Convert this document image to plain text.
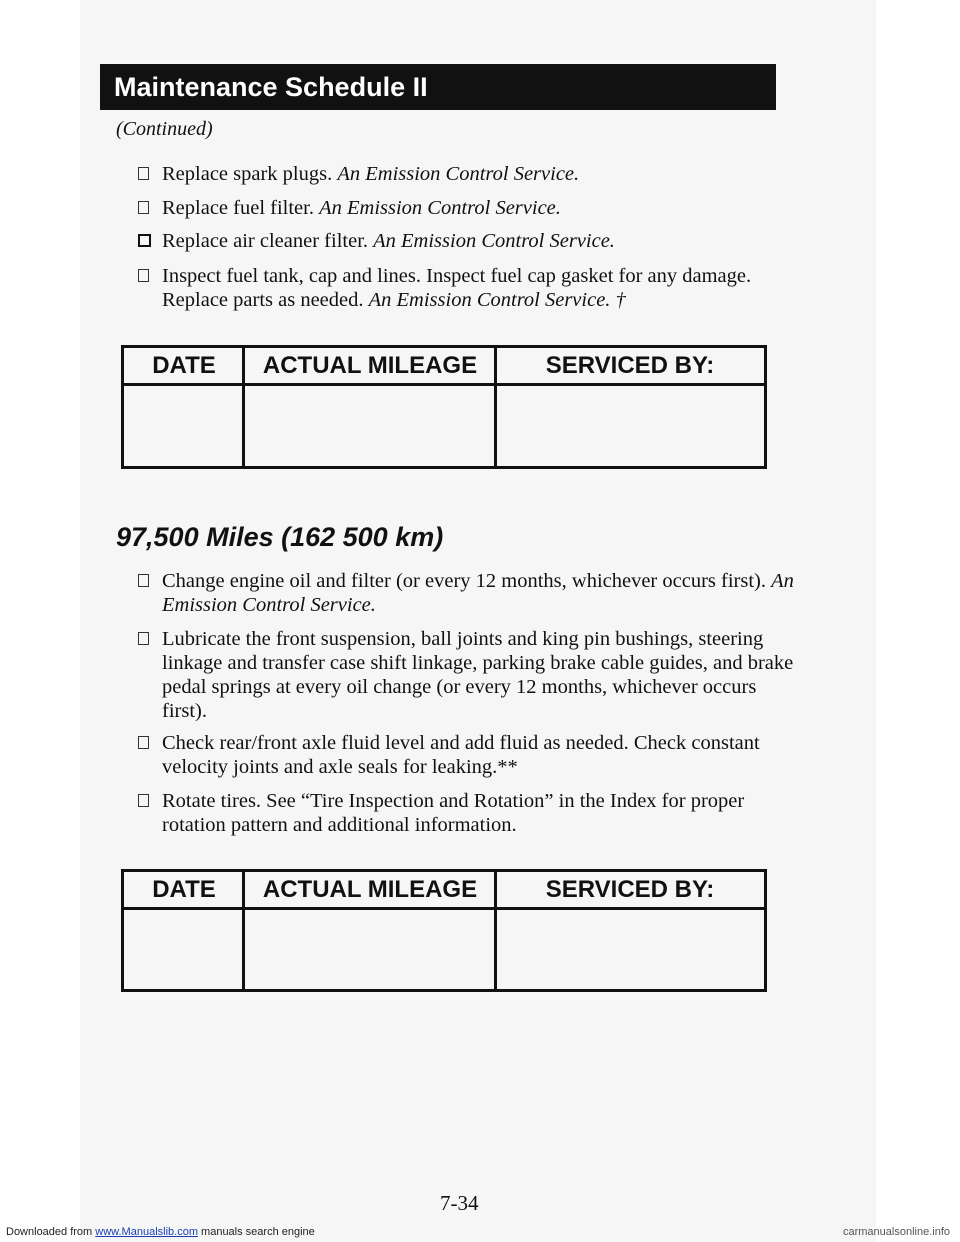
Maintenance Schedule II
(Continued)
Replace spark plugs. An Emission Control Service.
Replace fuel filter. An Emission Control Service.
Replace air cleaner filter. An Emission Control Service.
Inspect fuel tank, cap and lines. Inspect fuel cap gasket for any damage. Replace parts as needed. An Emission Control Service. †
DATE	ACTUAL MILEAGE	SERVICED BY:
97,500 Miles (162 500 km)
Change engine oil and filter (or every 12 months, whichever occurs first). An Emission Control Service.
Lubricate the front suspension, ball joints and king pin bushings, steering linkage and transfer case shift linkage, parking brake cable guides, and brake pedal springs at every oil change (or every 12 months, whichever occurs first).
Check rear/front axle fluid level and add fluid as needed. Check constant velocity joints and axle seals for leaking.**
Rotate tires. See “Tire Inspection and Rotation” in the Index for proper rotation pattern and additional information.
DATE	ACTUAL MILEAGE	SERVICED BY:
7-34
Downloaded from www.Manualslib.com manuals search engine	carmanualsonline.info
